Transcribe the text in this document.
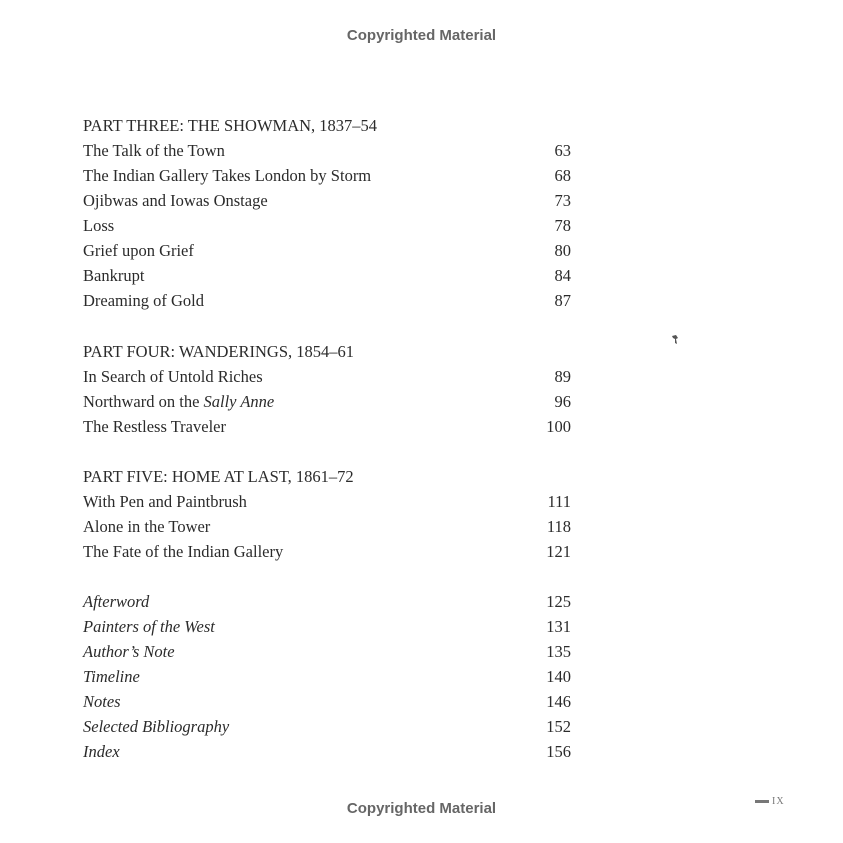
Copyrighted Material
PART THREE: THE SHOWMAN, 1837–54
The Talk of the Town	63
The Indian Gallery Takes London by Storm	68
Ojibwas and Iowas Onstage	73
Loss	78
Grief upon Grief	80
Bankrupt	84
Dreaming of Gold	87
PART FOUR: WANDERINGS, 1854–61
In Search of Untold Riches	89
Northward on the Sally Anne	96
The Restless Traveler	100
PART FIVE: HOME AT LAST, 1861–72
With Pen and Paintbrush	111
Alone in the Tower	118
The Fate of the Indian Gallery	121
Afterword	125
Painters of the West	131
Author’s Note	135
Timeline	140
Notes	146
Selected Bibliography	152
Index	156
IX
Copyrighted Material
